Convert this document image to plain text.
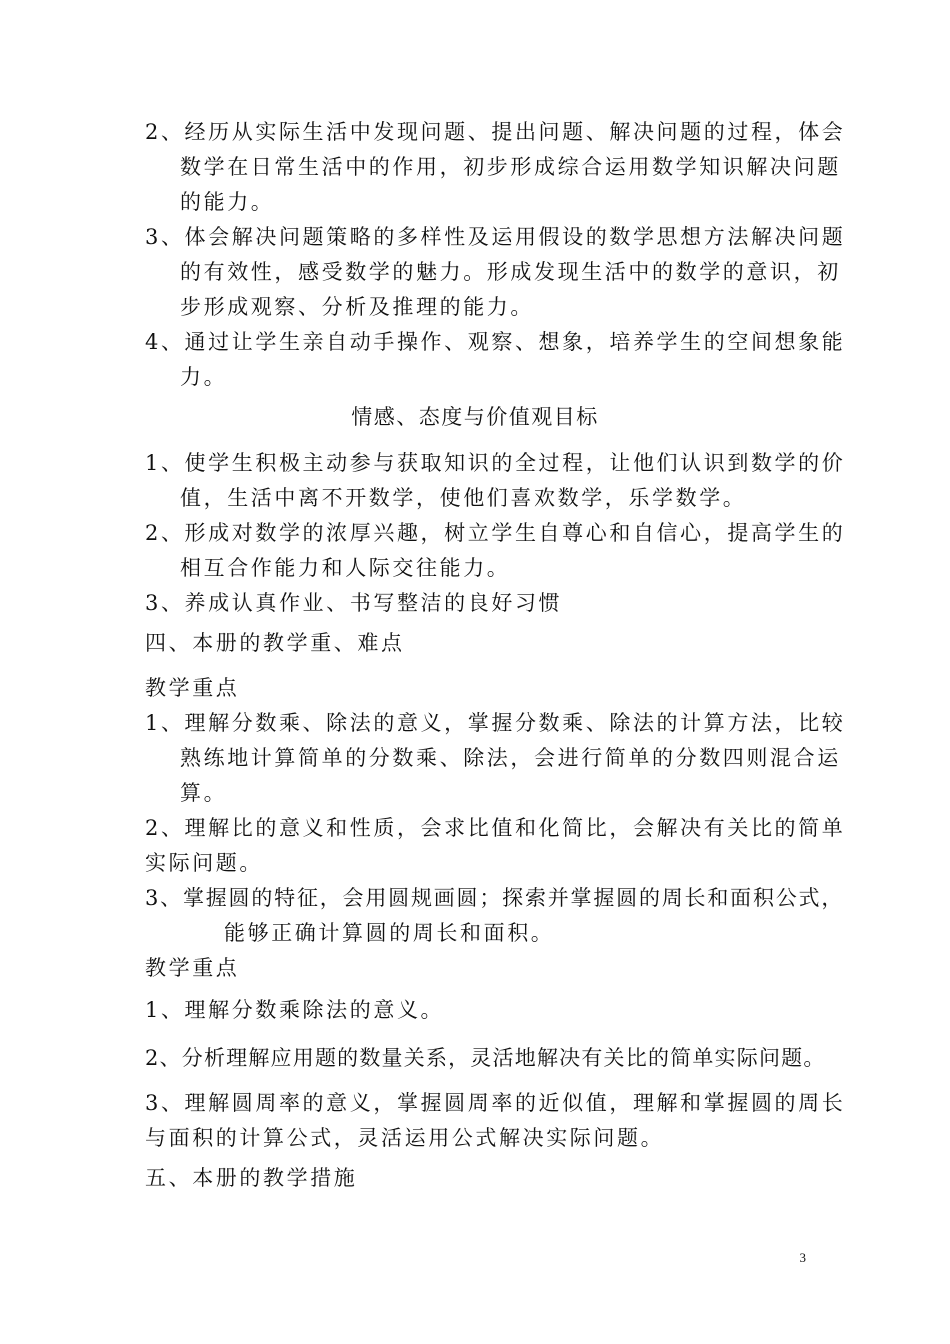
2、经历从实际生活中发现问题、提出问题、解决问题的过程，体会
数学在日常生活中的作用，初步形成综合运用数学知识解决问题
的能力。
3、体会解决问题策略的多样性及运用假设的数学思想方法解决问题
的有效性，感受数学的魅力。形成发现生活中的数学的意识，初
步形成观察、分析及推理的能力。
4、通过让学生亲自动手操作、观察、想象，培养学生的空间想象能
力。
情感、态度与价值观目标
1、使学生积极主动参与获取知识的全过程，让他们认识到数学的价
值，生活中离不开数学，使他们喜欢数学，乐学数学。
2、形成对数学的浓厚兴趣，树立学生自尊心和自信心，提高学生的
相互合作能力和人际交往能力。
3、养成认真作业、书写整洁的良好习惯
四、本册的教学重、难点
教学重点
1、理解分数乘、除法的意义，掌握分数乘、除法的计算方法，比较
熟练地计算简单的分数乘、除法，会进行简单的分数四则混合运
算。
2、理解比的意义和性质，会求比值和化简比，会解决有关比的简单
实际问题。
3、掌握圆的特征，会用圆规画圆；探索并掌握圆的周长和面积公式，
能够正确计算圆的周长和面积。
教学重点
1、理解分数乘除法的意义。
2、分析理解应用题的数量关系，灵活地解决有关比的简单实际问题。
3、理解圆周率的意义，掌握圆周率的近似值，理解和掌握圆的周长
与面积的计算公式，灵活运用公式解决实际问题。
五、本册的教学措施
3
